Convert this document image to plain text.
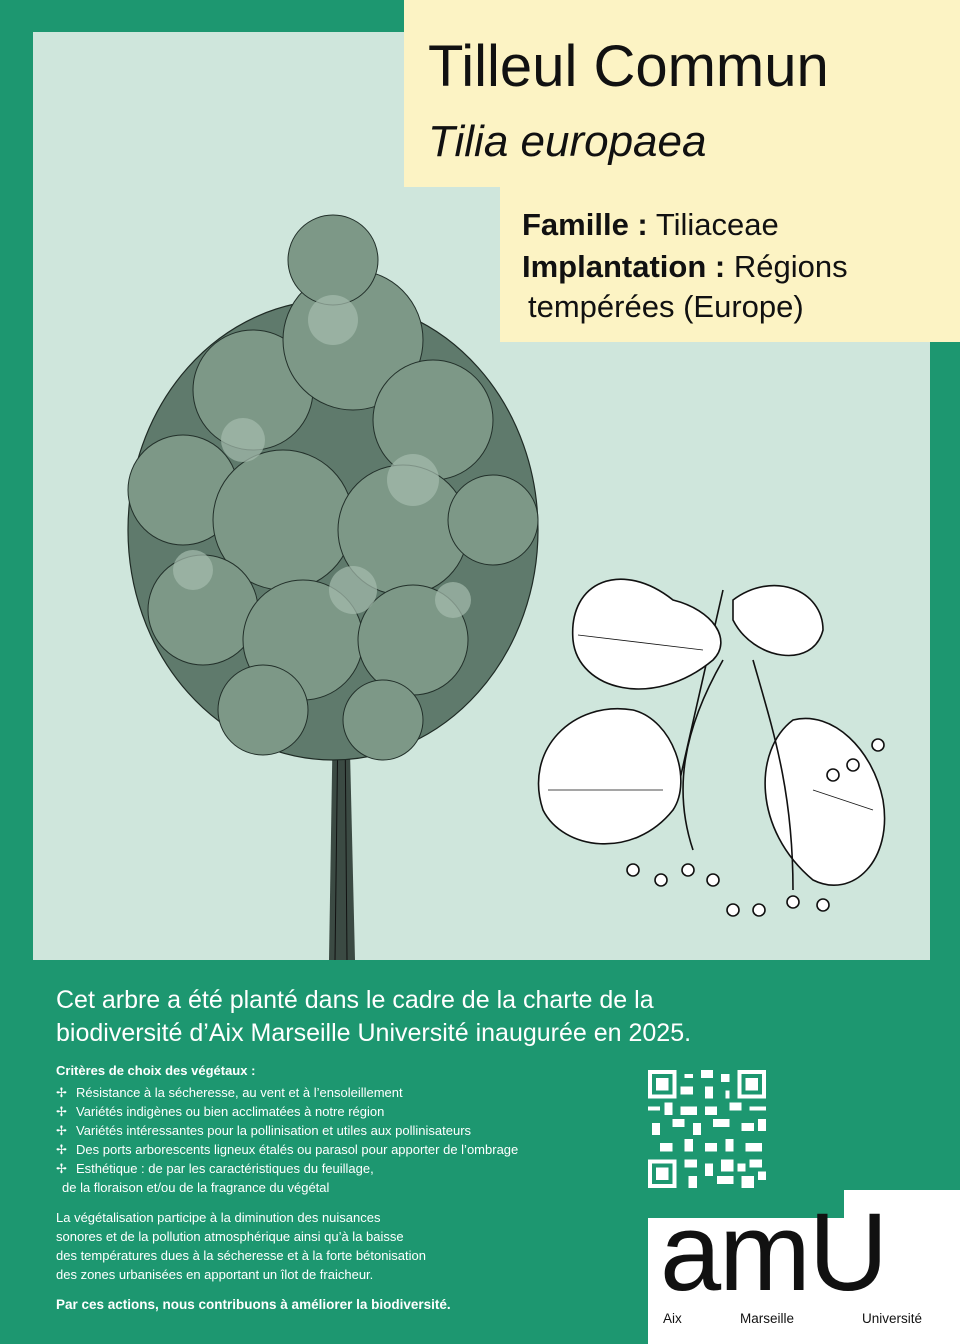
Tilleul Commun
Tilia europaea
Famille : Tiliaceae
Implantation : Régions
tempérées (Europe)
Cet arbre a été planté dans le cadre de la charte de la
biodiversité d’Aix Marseille Université inaugurée en 2025.
Critères de choix des végétaux :
✢ Résistance à la sécheresse, au vent et à l’ensoleillement
✢ Variétés indigènes ou bien acclimatées à notre région
✢ Variétés intéressantes pour la pollinisation et utiles aux pollinisateurs
✢ Des ports arborescents ligneux étalés ou parasol pour apporter de l’ombrage
✢ Esthétique : de par les caractéristiques du feuillage,
de la floraison et/ou de la fragrance du végétal
La végétalisation participe à la diminution des nuisances
sonores et de la pollution atmosphérique ainsi qu’à la baisse
des températures dues à la sécheresse et à la forte bétonisation
des zones urbanisées en apportant un îlot de fraicheur.
Par ces actions, nous contribuons à améliorer la biodiversité. amU
Aix	Marseille	Université
